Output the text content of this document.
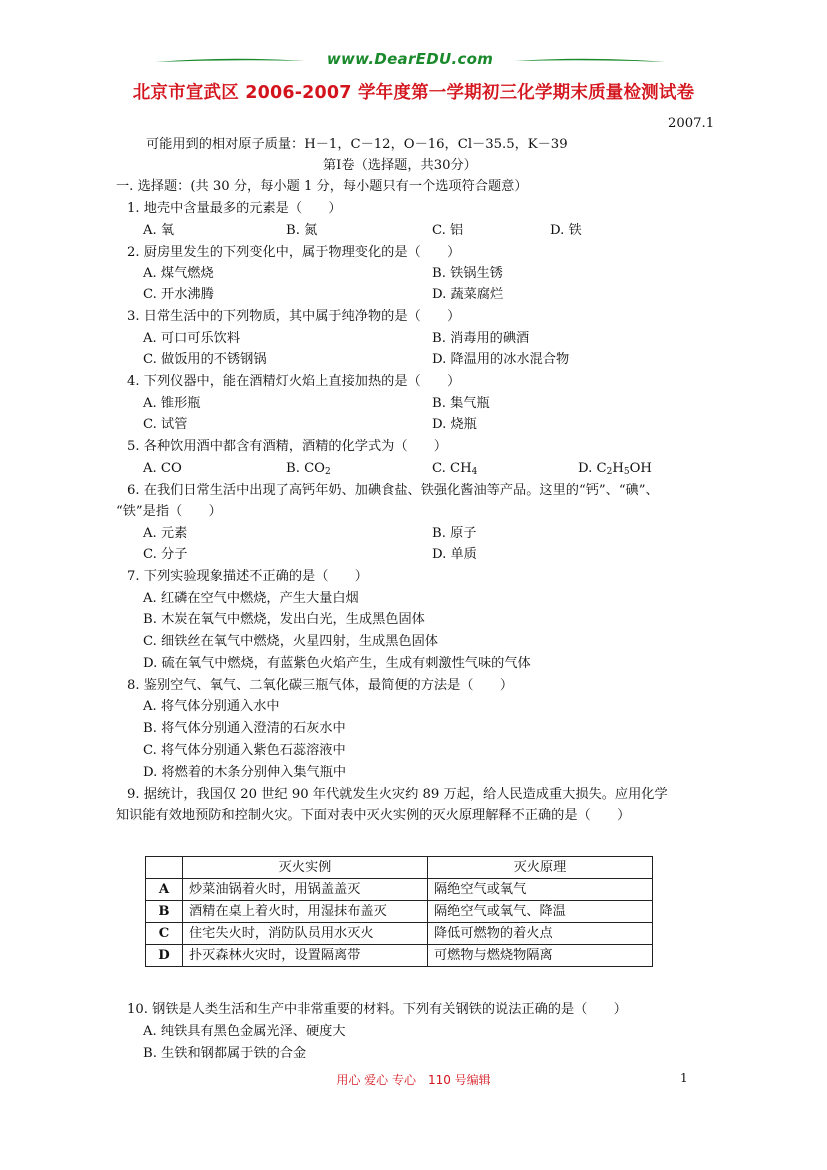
www.DearEDU.com
北京市宣武区 2006-2007 学年度第一学期初三化学期末质量检测试卷
2007.1
可能用到的相对原子质量：H－1，C－12，O－16，Cl－35.5，K－39
第Ⅰ卷（选择题，共30分）
一. 选择题：(共 30 分，每小题 1 分，每小题只有一个选项符合题意）
1. 地壳中含量最多的元素是（　　）
A. 氧	B. 氮	C. 铝	D. 铁
2. 厨房里发生的下列变化中，属于物理变化的是（　　）
A. 煤气燃烧	B. 铁锅生锈
C. 开水沸腾	D. 蔬菜腐烂
3. 日常生活中的下列物质，其中属于纯净物的是（　　）
A. 可口可乐饮料	B. 消毒用的碘酒
C. 做饭用的不锈钢锅	D. 降温用的冰水混合物
4. 下列仪器中，能在酒精灯火焰上直接加热的是（　　）
A. 锥形瓶	B. 集气瓶
C. 试管	D. 烧瓶
5. 各种饮用酒中都含有酒精，酒精的化学式为（　　）
A. CO	B. $CO_2$	C. $CH_4$	D. $C_2H_5OH$
6. 在我们日常生活中出现了高钙年奶、加碘食盐、铁强化酱油等产品。这里的“钙”、“碘”、
“铁”是指（　　）
A. 元素	B. 原子
C. 分子	D. 单质
7. 下列实验现象描述不正确的是（　　）
A. 红磷在空气中燃烧，产生大量白烟
B. 木炭在氧气中燃烧，发出白光，生成黑色固体
C. 细铁丝在氧气中燃烧，火星四射，生成黑色固体
D. 硫在氧气中燃烧，有蓝紫色火焰产生，生成有刺激性气味的气体
8. 鉴别空气、氧气、二氧化碳三瓶气体，最简便的方法是（　　）
A. 将气体分别通入水中
B. 将气体分别通入澄清的石灰水中
C. 将气体分别通入紫色石蕊溶液中
D. 将燃着的木条分别伸入集气瓶中
9. 据统计，我国仅 20 世纪 90 年代就发生火灾约 89 万起，给人民造成重大损失。应用化学
知识能有效地预防和控制火灾。下面对表中灭火实例的灭火原理解释不正确的是（　　）
	灭火实例	灭火原理
A	炒菜油锅着火时，用锅盖盖灭	隔绝空气或氧气
B	酒精在桌上着火时，用湿抹布盖灭	隔绝空气或氧气、降温
C	住宅失火时，消防队员用水灭火	降低可燃物的着火点
D	扑灭森林火灾时，设置隔离带	可燃物与燃烧物隔离
10. 钢铁是人类生活和生产中非常重要的材料。下列有关钢铁的说法正确的是（　　）
A. 纯铁具有黑色金属光泽、硬度大
B. 生铁和钢都属于铁的合金
用心 爱心 专心　110 号编辑	1
